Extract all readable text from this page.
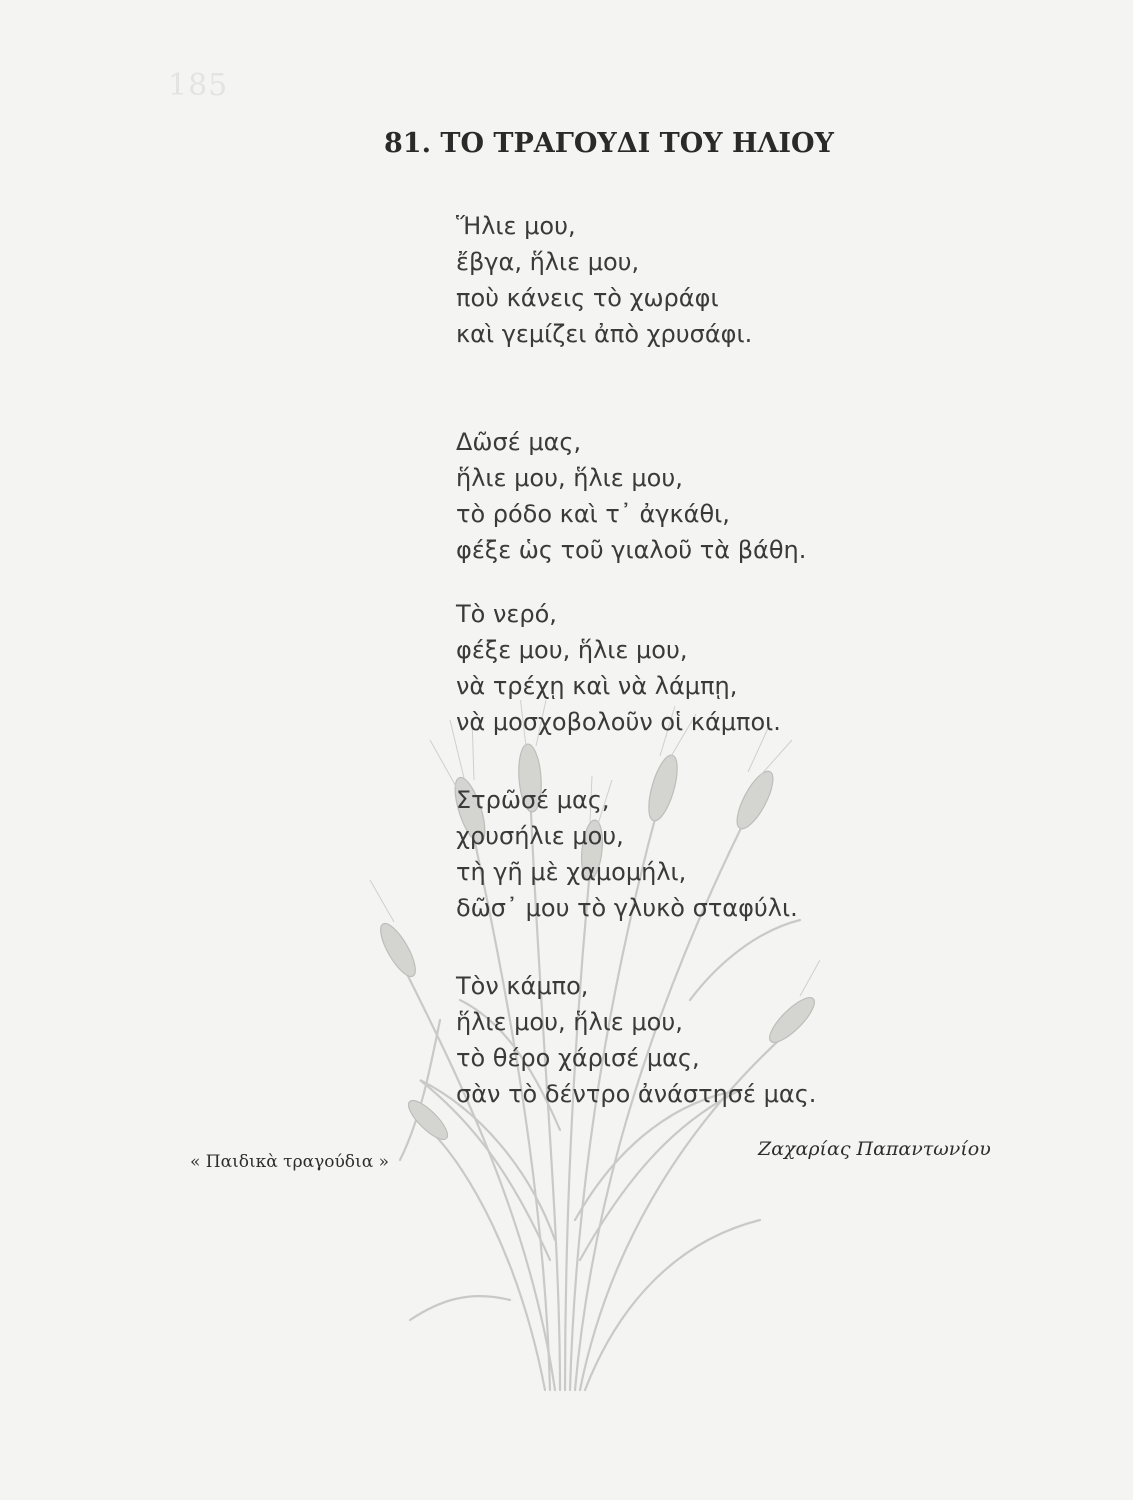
185
81. ΤΟ ΤΡΑΓΟΥΔΙ ΤΟΥ ΗΛΙΟΥ
Ἥλιε μου,
ἔβγα, ἥλιε μου,
ποὺ κάνεις τὸ χωράφι
καὶ γεμίζει ἀπὸ χρυσάφι.
Δῶσέ μας,
ἥλιε μου, ἥλιε μου,
τὸ ρόδο καὶ τ᾿ ἀγκάθι,
φέξε ὡς τοῦ γιαλοῦ τὰ βάθη.
Τὸ νερό,
φέξε μου, ἥλιε μου,
νὰ τρέχῃ καὶ νὰ λάμπῃ,
νὰ μοσχοβολοῦν οἱ κάμποι.
Στρῶσέ μας,
χρυσήλιε μου,
τὴ γῆ μὲ χαμομήλι,
δῶσ᾿ μου τὸ γλυκὸ σταφύλι.
Τὸν κάμπο,
ἥλιε μου, ἥλιε μου,
τὸ θέρο χάρισέ μας,
σὰν τὸ δέντρο ἀνάστησέ μας.
« Παιδικὰ τραγούδια »
Ζαχαρίας Παπαντωνίου
